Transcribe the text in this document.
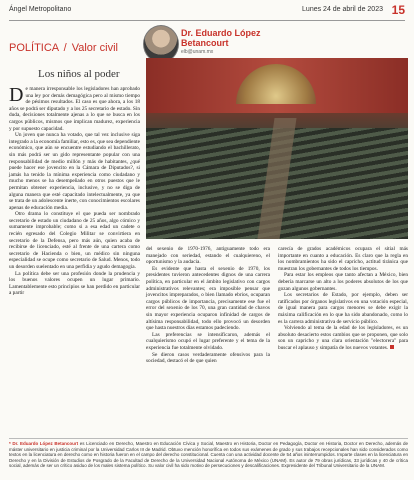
Ángel Metropolitano	Lunes 24 de abril de 2023 15
POLÍTICA / Valor civil
Dr. Eduardo López Betancourt
elb@unam.mx
Los niños al poder

De manera irresponsable los legisladores han aprobado una ley por demás demagógica pero al mismo tiempo de pésimos resultados. El caso es que ahora, a los 18 años se podrá ser diputado y a los 25 secretario de estado. Sin duda, decisiones totalmente ajenas a lo que se busca en los cargos públicos, mismos que implican madurez, experiencia y por supuesto capacidad.

Un joven que nunca ha votado, que tal vez inclusive siga integrado a la economía familiar, esto es, que sea dependiente económico, que aún se encuentre estudiando el bachillerato, sin más podrá ser un gido representante popular con una responsabilidad de medio millón y más de habitantes, ¿qué puede hacer ese jovencito en la Cámara de Diputados?, si jamás ha tenido la mínima experiencia como ciudadano y mucho menos se ha desempeñado en otros puestos que le permitan obtener experiencia, inclusive, y no se diga de alguna manera que esté capacitado intelectualmente, ya que se trata de un adolescente inerte, con conocimientos escolares apenas de educación media.

Otro drama lo constituye el que pueda ser nombrado secretario de estado un ciudadano de 25 años, algo cómico y sumamente improbable; como si a esa edad un cadete o recién egresado del Colegio Militar se convirtiera en secretario de la Defensa, pero más aún, quien acaba de recibirse de licenciado, esté al frente de una cartera como secretario de Hacienda o bien, un médico sin ninguna especialidad se ocupe como secretario de Salud. Menos, todo un desorden suelentado en una perfidia y agudo demagogia.

La política debe ser una profesión donde la prudencia y los buenos valores ocupen un lugar primario. Lamentablemente esto principios se han perdido en particular a partir

del sexenio de 1970-1976, antiguamente todo era manejado con seriedad, estando el cualquiereno, el oportunismo y la audacia.

Es evidente que hasta el sexenio de 1970, los presidentes tuvieron antecedentes dignos de una carrera política, en particular en el ámbito legislativo con cargos administrativos relevantes; era imposible pensar que jovencitos impreparados, o bien llamado ebrios, ocuparan cargos públicos de importancia, precisamente ese fue el error del sexenio de los 70, una gran cantidad de chavos sin mayor experiencia ocuparon infinidad de cargos de altísima responsabilidad, todo ello provocó un desorden que hasta nuestros días estamos padeciendo.

Las preferencias se intensificaron, además el cualquierismo ocupó el lugar preferente y el tema de la experiencia fue totalmente olvidado.

Se dieron casos verdaderamente ofensivos para la sociedad, destacó el de que quien

carecía de grados académicos ocupara el sitial más importante en cuanto a educación. Es claro que la regla en los nombramientos ha sido el capricho, actitud tiránica que muestran los gobernantes de todos los tiempos.

Para estar los empleos que tanto afectan a México, bien debería marcarse un alto a los poderes absolutos de los que gozan algunos gobernantes.

Los secretarios de Estado, por ejemplo, deben ser ratificados por órganos legislativos en una votación especial, de igual manera para cargos menores se debe exigir la máxima calificación en lo que ha sido abandonado, como lo es la carrera administrativa de servicio público.

Volviendo al tema de la edad de los legisladores, es un absoluto desacierto estos cambios que se proponen, que solo son un capricho y una clara orientación "electorera" para buscar el aplauso y simpatía de los nuevos votantes.

* Dr. Eduardo López Betancourt es Licenciado en Derecho, Maestro en Educación Cívica y Social, Maestro en Historia, Doctor en Pedagogía, Doctor en Historia, Doctor en Derecho, además de máster universitario en justicia criminal por la Universidad Carlos III de Madrid. Obtuvo mención honorífica en todos sus exámenes de grado y sus trabajos recepcionales han sido considerados como textos en la licenciatura en derecho como en historia fueron en el campo del derecho constitucional. Cuenta con una actividad docente de 54 años ininterrumpidos. Imparte clases en la licenciatura en Derecho y en la División de Estudios de Posgrado de la Facultad de Derecho de la Universidad Nacional Autónoma de México (UNAM). Es autor de 79 obras jurídicas, 33 jurídicas y 40 de crítica social, además de ser un crítico asiduo de los males sistema político. Su valor civil ha sido motivo de persecuciones y descalificaciones. Expresidente del Tribunal Universitario de la UNAM.
